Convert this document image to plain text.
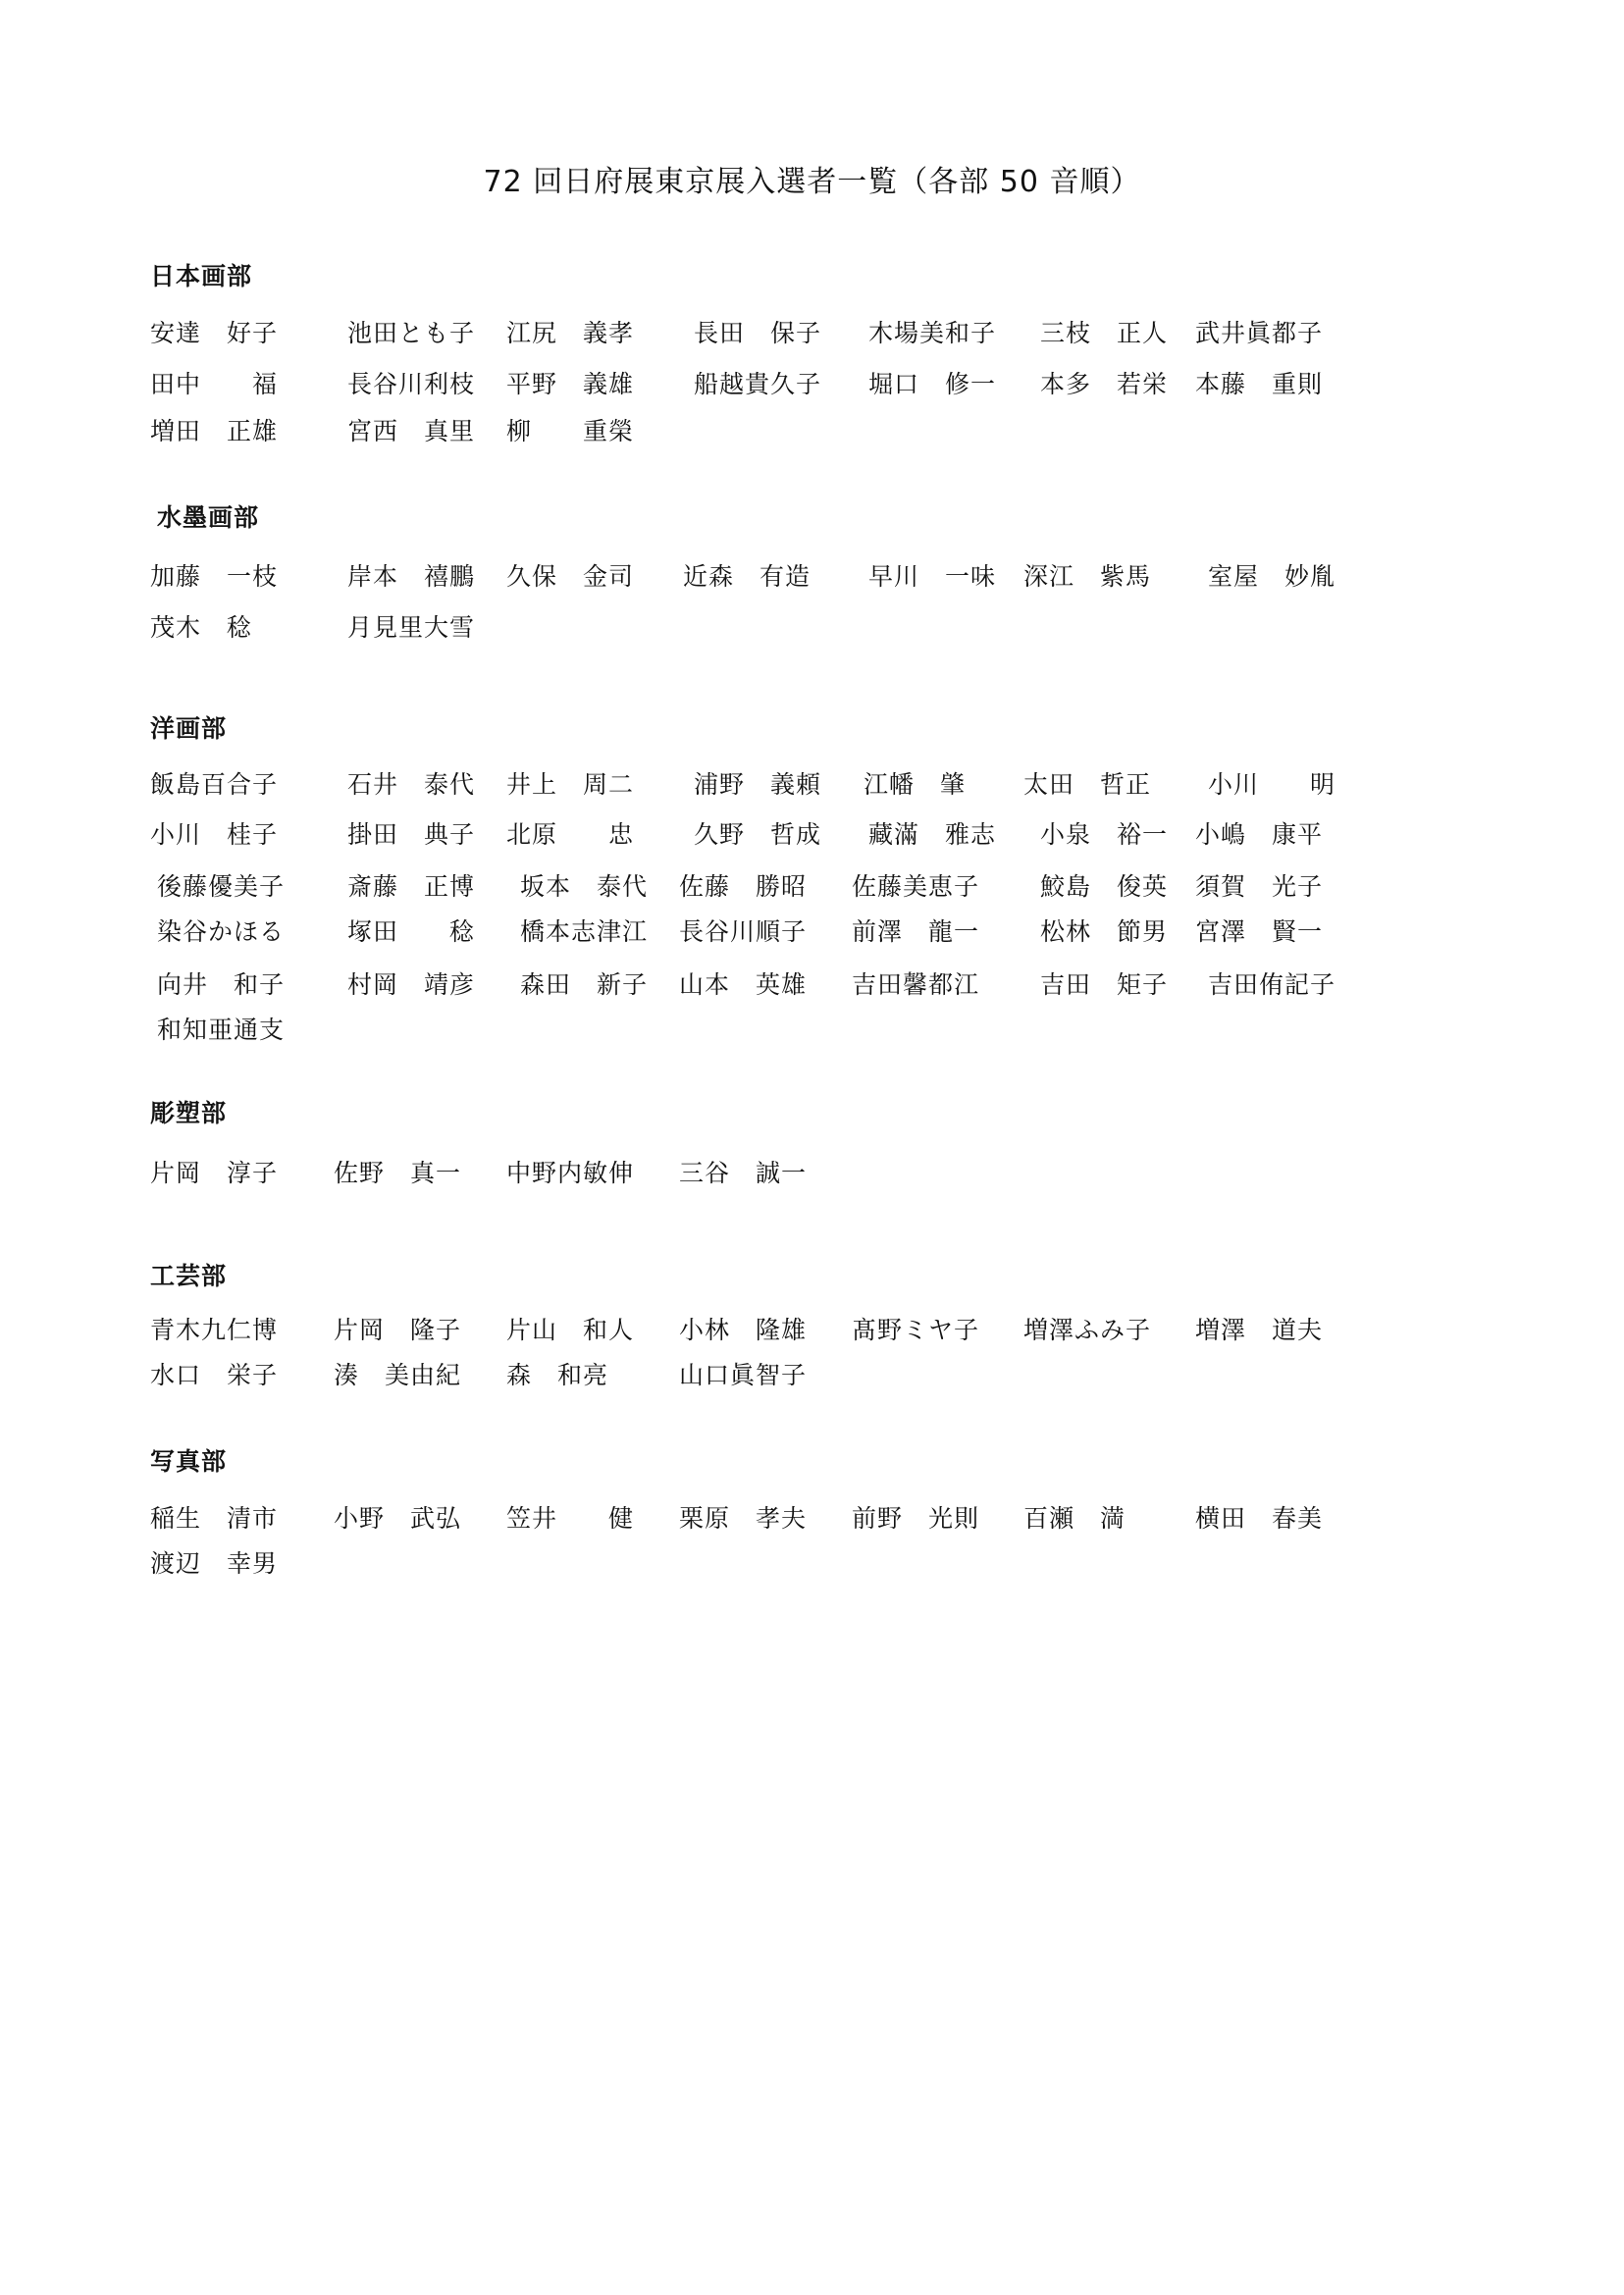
72 回日府展東京展入選者一覧（各部 50 音順）
日本画部
安達　好子	池田とも子 江尻　義孝 長田　保子 木場美和子 三枝　正人 武井眞都子
田中　　福	長谷川利枝 平野　義雄 船越貴久子 堀口　修一 本多　若栄 本藤　重則
増田　正雄	宮西　真里 柳　　重榮
水墨画部
加藤　一枝	岸本　禧鵬 久保　金司 近森　有造 早川　一味 深江　紫馬 室屋　妙胤
茂木　稔	月見里大雪
洋画部
飯島百合子	石井　泰代 井上　周二 浦野　義頼 江幡　肇 太田　哲正 小川　　明
小川　桂子	掛田　典子 北原　　忠 久野　哲成 藏滿　雅志 小泉　裕一 小嶋　康平
後藤優美子	斎藤　正博 坂本　泰代 佐藤　勝昭 佐藤美恵子 鮫島　俊英 須賀　光子
染谷かほる	塚田　　稔 橋本志津江 長谷川順子 前澤　龍一 松林　節男 宮澤　賢一
向井　和子	村岡　靖彦 森田　新子 山本　英雄 吉田馨都江 吉田　矩子 吉田侑記子
和知亜通支
彫塑部
片岡　淳子 佐野　真一 中野内敏伸 三谷　誠一
工芸部
青木九仁博 片岡　隆子 片山　和人 小林　隆雄 髙野ミヤ子 増澤ふみ子 増澤　道夫
水口　栄子 湊　美由紀 森　和亮	山口眞智子
写真部
稲生　清市 小野　武弘 笠井　　健 栗原　孝夫 前野　光則 百瀬　満	横田　春美
渡辺　幸男
